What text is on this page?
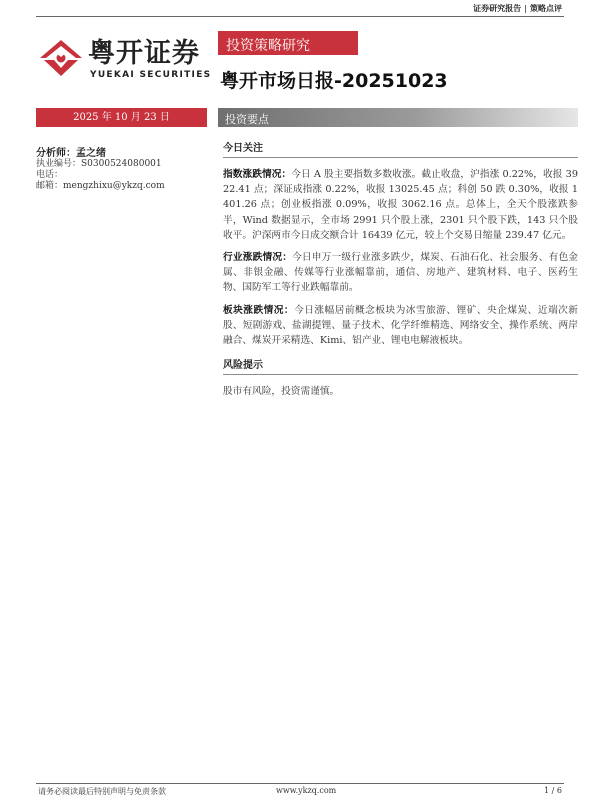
证券研究报告 | 策略点评
粤开证券
YUEKAI SECURITIES
投资策略研究
粤开市场日报-20251023
2025 年 10 月 23 日	投资要点
分析师：孟之绪
执业编号：S0300524080001
电话：
邮箱：mengzhixu@ykzq.com
今日关注

指数涨跌情况：今日 A 股主要指数多数收涨。截止收盘，沪指涨 0.22%，收报 3922.41 点；深证成指涨 0.22%，收报 13025.45 点；科创 50 跌 0.30%，收报 1401.26 点；创业板指涨 0.09%，收报 3062.16 点。总体上，全天个股涨跌参半，Wind 数据显示，全市场 2991 只个股上涨，2301 只个股下跌，143 只个股收平。沪深两市今日成交额合计 16439 亿元，较上个交易日缩量 239.47 亿元。

行业涨跌情况：今日申万一级行业涨多跌少，煤炭、石油石化、社会服务、有色金属、非银金融、传媒等行业涨幅靠前，通信、房地产、建筑材料、电子、医药生物、国防军工等行业跌幅靠前。

板块涨跌情况：今日涨幅居前概念板块为冰雪旅游、锂矿、央企煤炭、近端次新股、短剧游戏、盐湖提锂、量子技术、化学纤维精选、网络安全、操作系统、两岸融合、煤炭开采精选、Kimi、铝产业、锂电电解液板块。

风险提示

股市有风险，投资需谨慎。

请务必阅读最后特别声明与免责条款	www.ykzq.com	1 / 6
